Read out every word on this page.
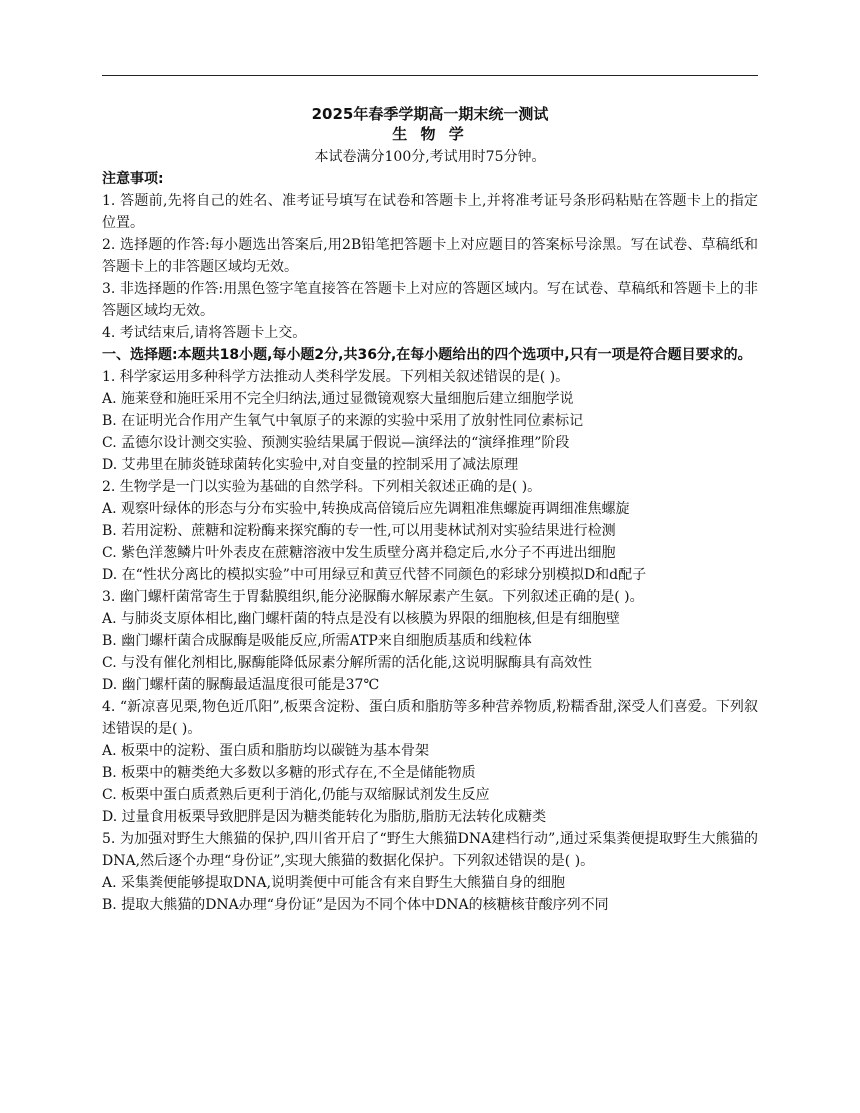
2025年春季学期高一期末统一测试
生 物 学
本试卷满分100分,考试用时75分钟。
注意事项:

1. 答题前,先将自己的姓名、准考证号填写在试卷和答题卡上,并将准考证号条形码粘贴在答题卡上的指定位置。

2. 选择题的作答:每小题选出答案后,用2B铅笔把答题卡上对应题目的答案标号涂黑。写在试卷、草稿纸和答题卡上的非答题区域均无效。

3. 非选择题的作答:用黑色签字笔直接答在答题卡上对应的答题区域内。写在试卷、草稿纸和答题卡上的非答题区域均无效。

4. 考试结束后,请将答题卡上交。

一、选择题:本题共18小题,每小题2分,共36分,在每小题给出的四个选项中,只有一项是符合题目要求的。

1. 科学家运用多种科学方法推动人类科学发展。下列相关叙述错误的是( )。

A. 施莱登和施旺采用不完全归纳法,通过显微镜观察大量细胞后建立细胞学说

B. 在证明光合作用产生氧气中氧原子的来源的实验中采用了放射性同位素标记

C. 孟德尔设计测交实验、预测实验结果属于假说—演绎法的“演绎推理”阶段

D. 艾弗里在肺炎链球菌转化实验中,对自变量的控制采用了减法原理

2. 生物学是一门以实验为基础的自然学科。下列相关叙述正确的是( )。

A. 观察叶绿体的形态与分布实验中,转换成高倍镜后应先调粗准焦螺旋再调细准焦螺旋

B. 若用淀粉、蔗糖和淀粉酶来探究酶的专一性,可以用斐林试剂对实验结果进行检测

C. 紫色洋葱鳞片叶外表皮在蔗糖溶液中发生质壁分离并稳定后,水分子不再进出细胞

D. 在“性状分离比的模拟实验”中可用绿豆和黄豆代替不同颜色的彩球分别模拟D和d配子

3. 幽门螺杆菌常寄生于胃黏膜组织,能分泌脲酶水解尿素产生氨。下列叙述正确的是( )。

A. 与肺炎支原体相比,幽门螺杆菌的特点是没有以核膜为界限的细胞核,但是有细胞壁

B. 幽门螺杆菌合成脲酶是吸能反应,所需ATP来自细胞质基质和线粒体

C. 与没有催化剂相比,脲酶能降低尿素分解所需的活化能,这说明脲酶具有高效性

D. 幽门螺杆菌的脲酶最适温度很可能是37℃

4. “新凉喜见栗,物色近爪阳”,板栗含淀粉、蛋白质和脂肪等多种营养物质,粉糯香甜,深受人们喜爱。下列叙述错误的是( )。

A. 板栗中的淀粉、蛋白质和脂肪均以碳链为基本骨架

B. 板栗中的糖类绝大多数以多糖的形式存在,不全是储能物质

C. 板栗中蛋白质煮熟后更利于消化,仍能与双缩脲试剂发生反应

D. 过量食用板栗导致肥胖是因为糖类能转化为脂肪,脂肪无法转化成糖类

5. 为加强对野生大熊猫的保护,四川省开启了“野生大熊猫DNA建档行动”,通过采集粪便提取野生大熊猫的DNA,然后逐个办理“身份证”,实现大熊猫的数据化保护。下列叙述错误的是( )。

A. 采集粪便能够提取DNA,说明粪便中可能含有来自野生大熊猫自身的细胞

B. 提取大熊猫的DNA办理“身份证”是因为不同个体中DNA的核糖核苷酸序列不同
